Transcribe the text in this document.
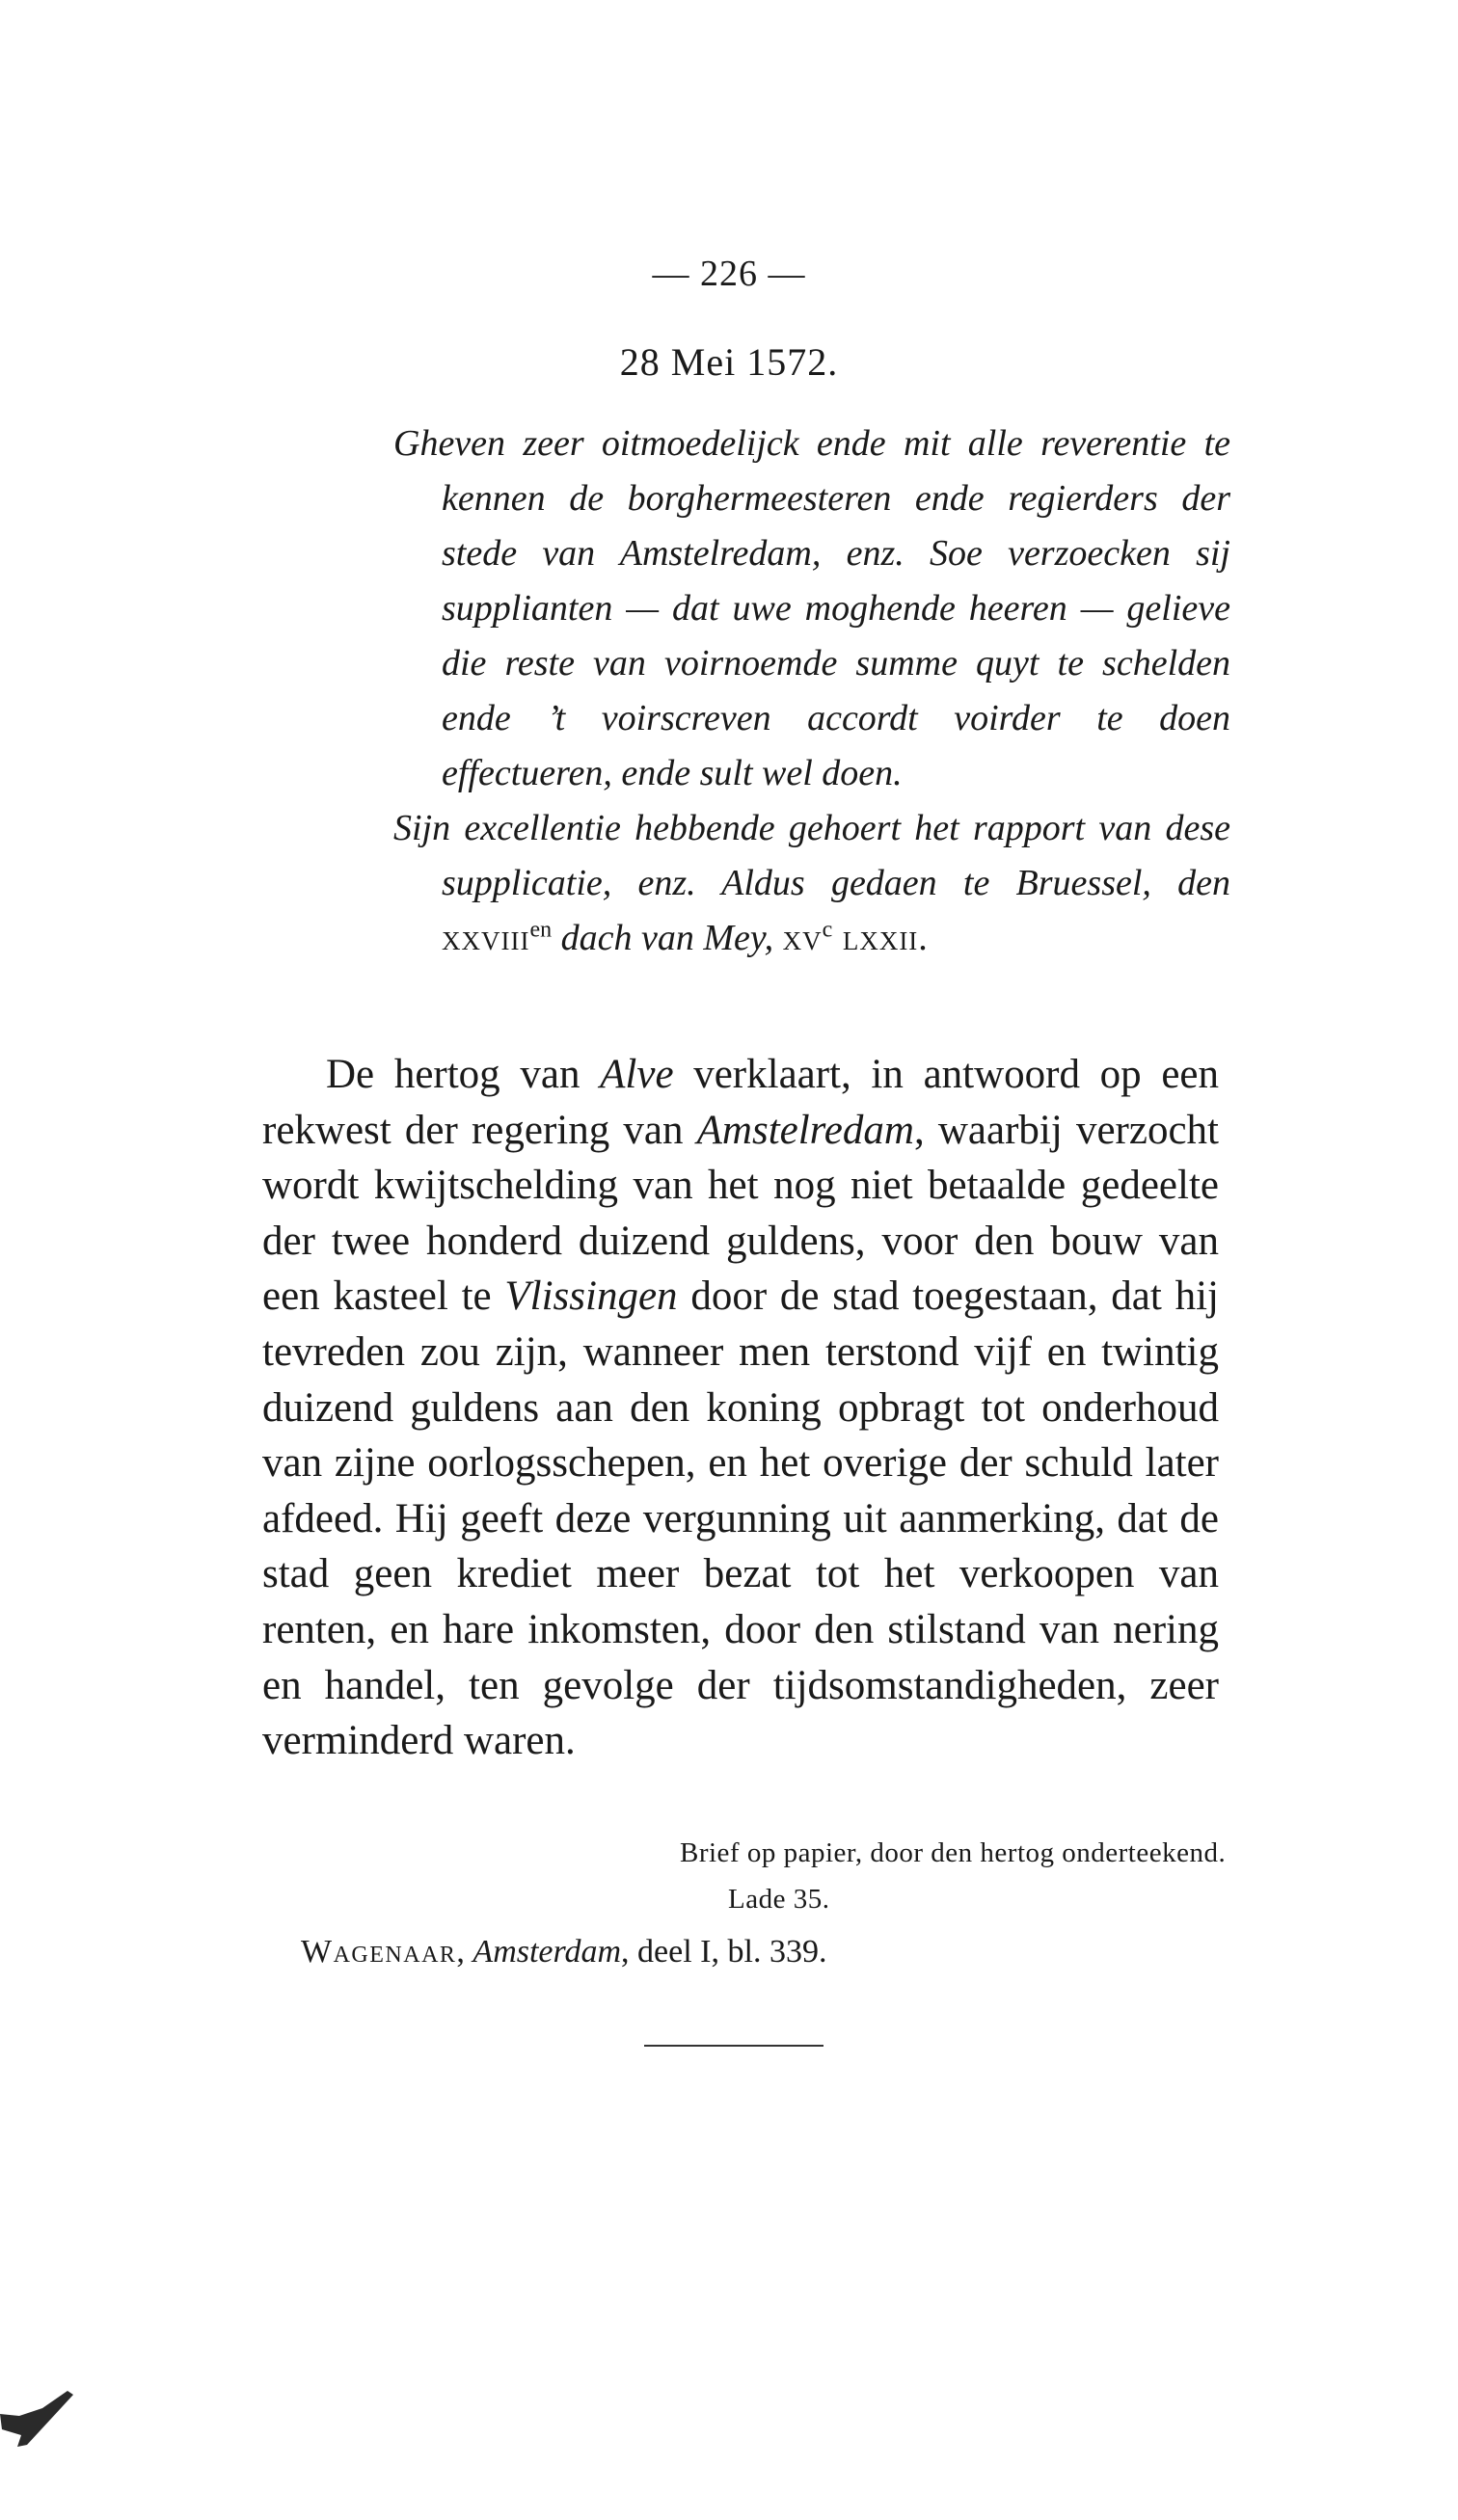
— 226 —
28 Mei 1572.

Gheven zeer oitmoedelijck ende mit alle reverentie te kennen de borghermeesteren ende regierders der stede van Amstelredam, enz. Soe verzoecken sij supplianten — dat uwe moghende heeren — gelieve die reste van voirnoemde summe quyt te schelden ende ’t voirscreven accordt voirder te doen effectueren, ende sult wel doen.

Sijn excellentie hebbende gehoert het rapport van dese supplicatie, enz. Aldus gedaen te Bruessel, den xxviii$^{en}$ dach van Mey, $xv^c$ lxxii.

De hertog van Alve verklaart, in antwoord op een rekwest der regering van Amstelredam, waarbij verzocht wordt kwijtschelding van het nog niet betaalde gedeelte der twee honderd duizend guldens, voor den bouw van een kasteel te Vlissingen door de stad toegestaan, dat hij tevreden zou zijn, wanneer men terstond vijf en twintig duizend guldens aan den koning opbragt tot onderhoud van zijne oorlogsschepen, en het overige der schuld later afdeed. Hij geeft deze vergunning uit aanmerking, dat de stad geen krediet meer bezat tot het verkoopen van renten, en hare inkomsten, door den stilstand van nering en handel, ten gevolge der tijdsomstandigheden, zeer verminderd waren.

Brief op papier, door den hertog onderteekend. Lade 35.

Wagenaar, Amsterdam, deel I, bl. 339.
